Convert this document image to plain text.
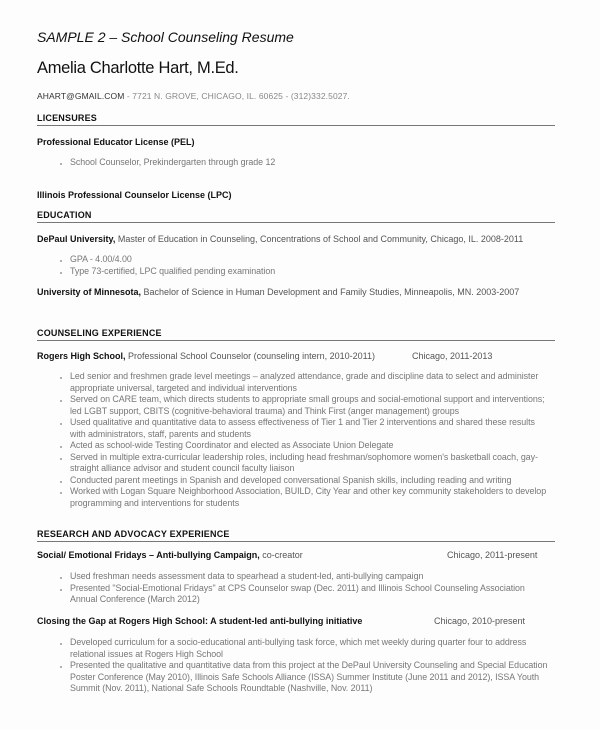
SAMPLE 2 – School Counseling Resume
Amelia Charlotte Hart, M.Ed.
AHART@GMAIL.COM - 7721 N. GROVE, CHICAGO, IL. 60625 - (312)332.5027.
LICENSURES
Professional Educator License (PEL)
• School Counselor, Prekindergarten through grade 12
Illinois Professional Counselor License (LPC)
EDUCATION
DePaul University, Master of Education in Counseling, Concentrations of School and Community, Chicago, IL. 2008-2011
• GPA - 4.00/4.00
• Type 73-certified, LPC qualified pending examination
University of Minnesota, Bachelor of Science in Human Development and Family Studies, Minneapolis, MN. 2003-2007
COUNSELING EXPERIENCE
Rogers High School, Professional School Counselor (counseling intern, 2010-2011)	Chicago, 2011-2013
• Led senior and freshmen grade level meetings – analyzed attendance, grade and discipline data to select and administer appropriate universal, targeted and individual interventions
• Served on CARE team, which directs students to appropriate small groups and social-emotional support and interventions; led LGBT support, CBITS (cognitive-behavioral trauma) and Think First (anger management) groups
• Used qualitative and quantitative data to assess effectiveness of Tier 1 and Tier 2 interventions and shared these results with administrators, staff, parents and students
• Acted as school-wide Testing Coordinator and elected as Associate Union Delegate
• Served in multiple extra-curricular leadership roles, including head freshman/sophomore women's basketball coach, gay-straight alliance advisor and student council faculty liaison
• Conducted parent meetings in Spanish and developed conversational Spanish skills, including reading and writing
• Worked with Logan Square Neighborhood Association, BUILD, City Year and other key community stakeholders to develop programming and interventions for students
RESEARCH AND ADVOCACY EXPERIENCE
Social/ Emotional Fridays – Anti-bullying Campaign, co-creator	Chicago, 2011-present
• Used freshman needs assessment data to spearhead a student-led, anti-bullying campaign
• Presented "Social-Emotional Fridays" at CPS Counselor swap (Dec. 2011) and Illinois School Counseling Association Annual Conference (March 2012)
Closing the Gap at Rogers High School: A student-led anti-bullying initiative	Chicago, 2010-present
• Developed curriculum for a socio-educational anti-bullying task force, which met weekly during quarter four to address relational issues at Rogers High School
• Presented the qualitative and quantitative data from this project at the DePaul University Counseling and Special Education Poster Conference (May 2010), Illinois Safe Schools Alliance (ISSA) Summer Institute (June 2011 and 2012), ISSA Youth Summit (Nov. 2011), National Safe Schools Roundtable (Nashville, Nov. 2011)
